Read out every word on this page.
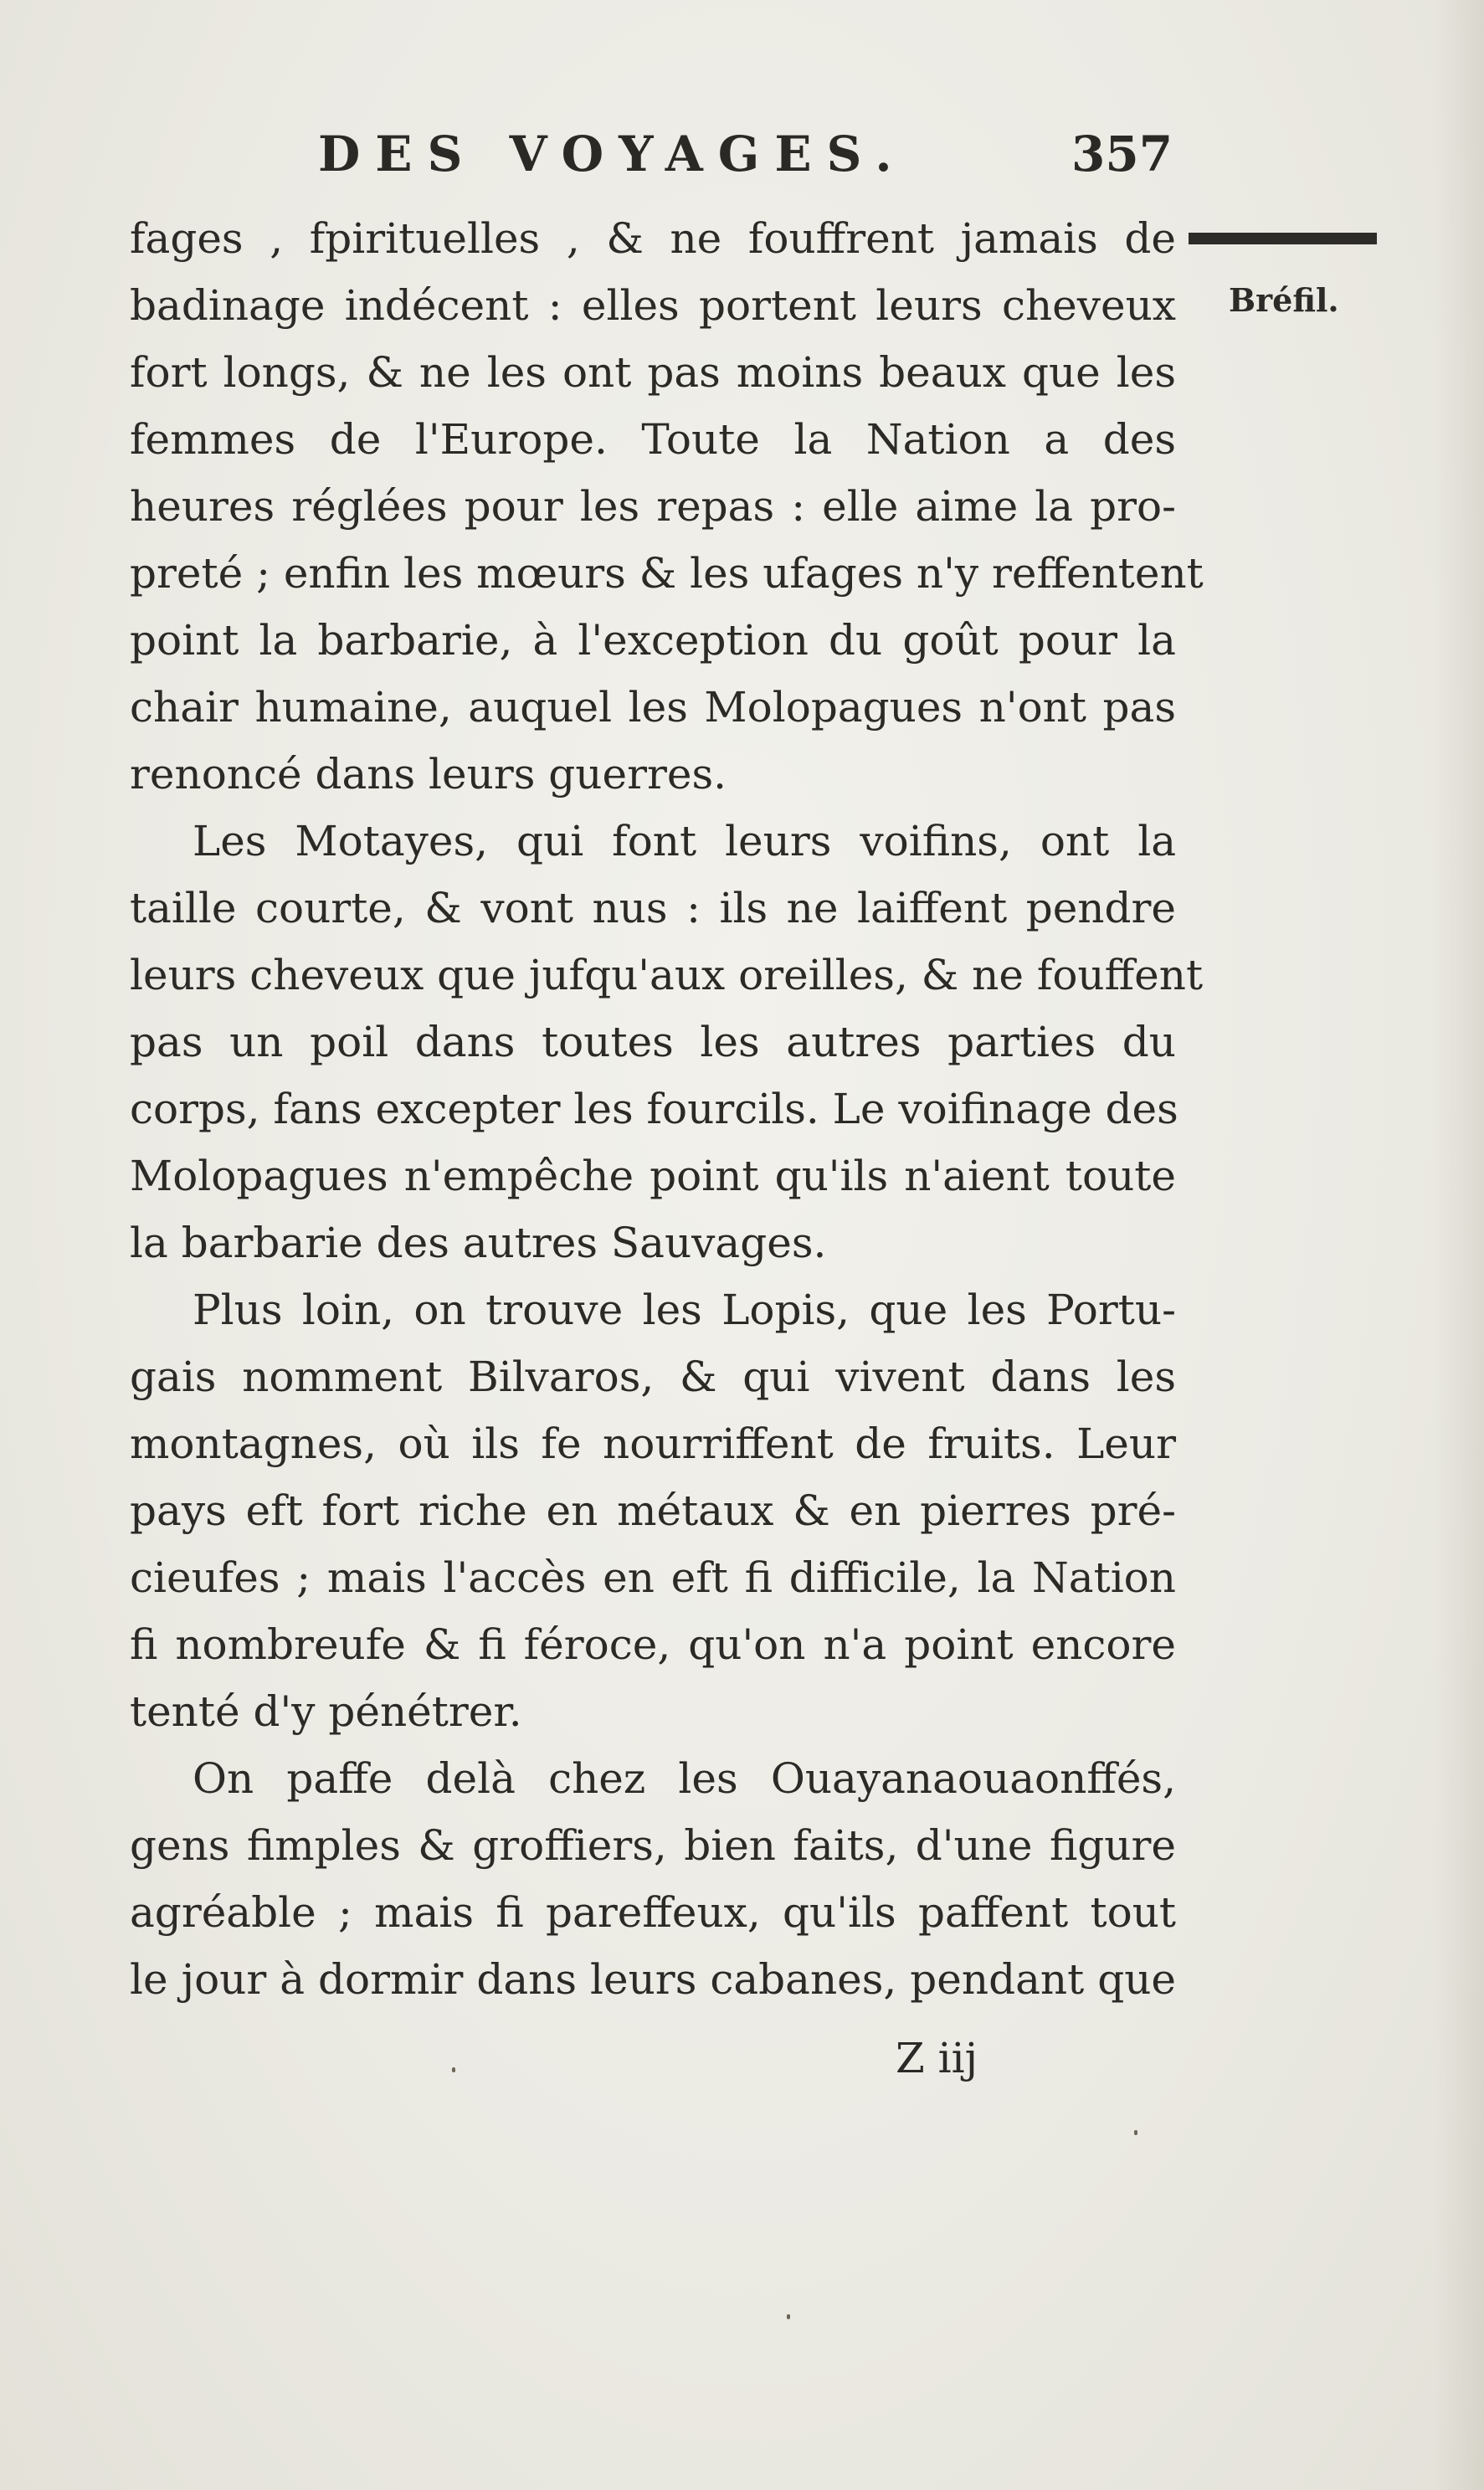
DES VOYAGES.	357
Bréfil.
fages , fpirituelles , & ne fouffrent jamais de
badinage indécent : elles portent leurs cheveux
fort longs, & ne les ont pas moins beaux que les
femmes de l'Europe. Toute la Nation a des
heures réglées pour les repas : elle aime la pro-
preté ; enfin les mœurs & les ufages n'y reffentent
point la barbarie, à l'exception du goût pour la
chair humaine, auquel les Molopagues n'ont pas
renoncé dans leurs guerres.
Les Motayes, qui font leurs voifins, ont la
taille courte, & vont nus : ils ne laiffent pendre
leurs cheveux que jufqu'aux oreilles, & ne fouffent
pas un poil dans toutes les autres parties du
corps, fans excepter les fourcils. Le voifinage des
Molopagues n'empêche point qu'ils n'aient toute
la barbarie des autres Sauvages.
Plus loin, on trouve les Lopis, que les Portu-
gais nomment Bilvaros, & qui vivent dans les
montagnes, où ils fe nourriffent de fruits. Leur
pays eft fort riche en métaux & en pierres pré-
cieufes ; mais l'accès en eft fi difficile, la Nation
fi nombreufe & fi féroce, qu'on n'a point encore
tenté d'y pénétrer.
On paffe delà chez les Ouayanaouaonffés,
gens fimples & groffiers, bien faits, d'une figure
agréable ; mais fi pareffeux, qu'ils paffent tout
le jour à dormir dans leurs cabanes, pendant que
Z iij
